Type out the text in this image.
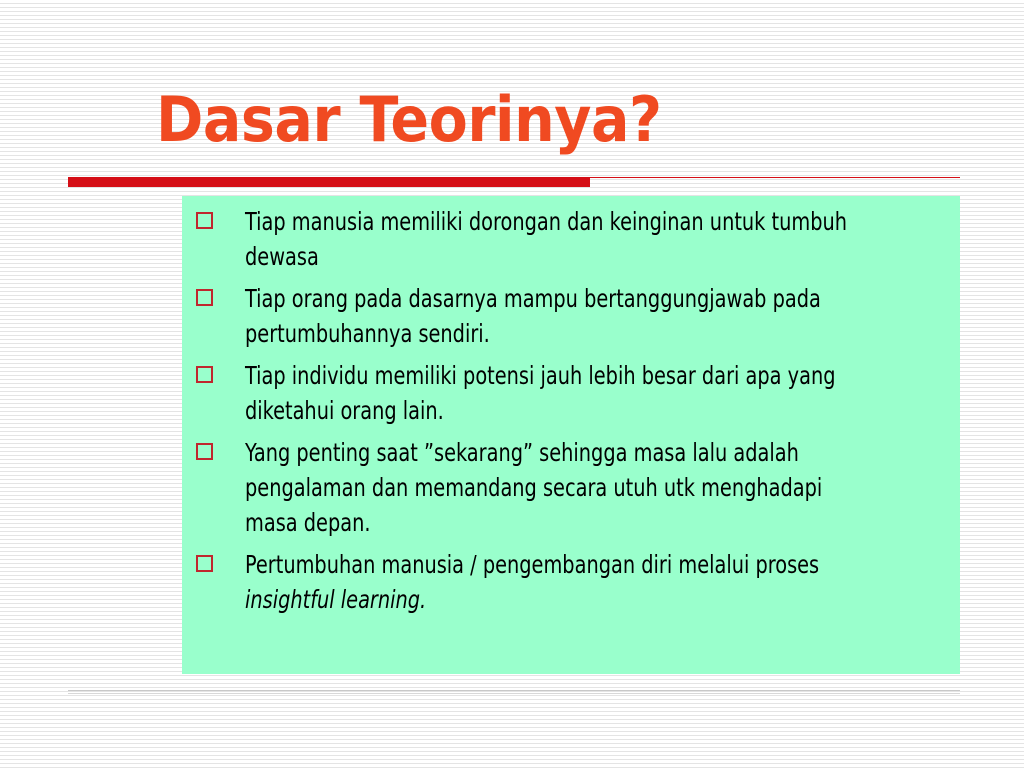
Dasar Teorinya?
Tiap manusia memiliki dorongan dan keinginan untuk tumbuh dewasa
Tiap orang pada dasarnya mampu bertanggungjawab pada pertumbuhannya sendiri.
Tiap individu memiliki potensi jauh lebih besar dari apa yang diketahui orang lain.
Yang penting saat ”sekarang” sehingga masa lalu adalah pengalaman dan memandang secara utuh utk menghadapi masa depan.
Pertumbuhan manusia / pengembangan diri melalui proses insightful learning.
